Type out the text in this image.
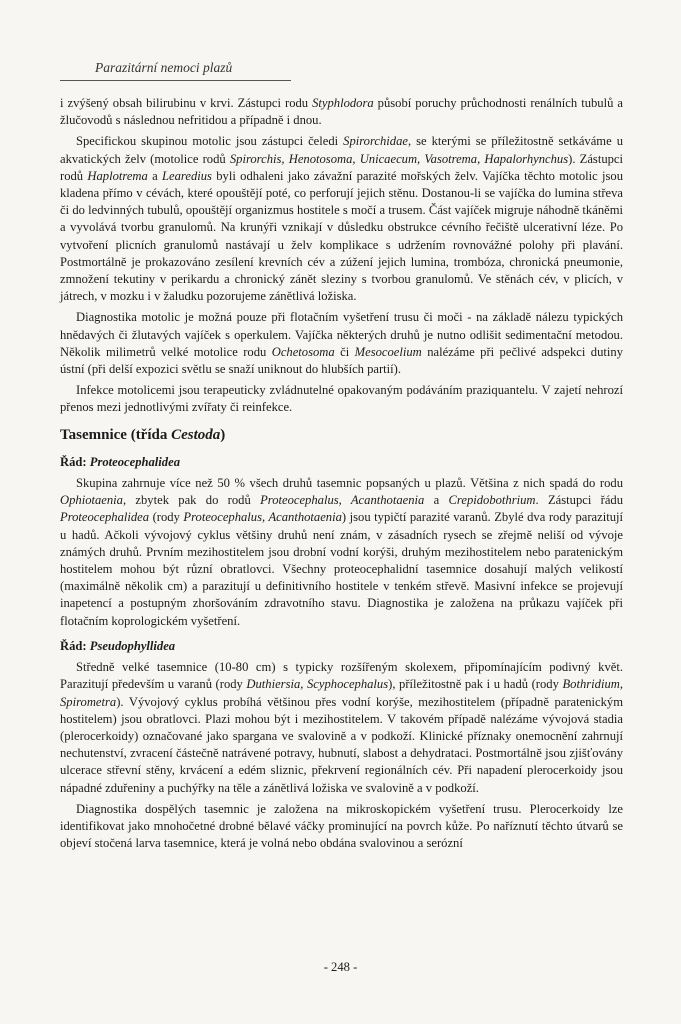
Parazitární nemoci plazů

i zvýšený obsah bilirubinu v krvi. Zástupci rodu Styphlodora působí poruchy průchodnosti renálních tubulů a žlučovodů s následnou nefritidou a případně i dnou.

Specifickou skupinou motolic jsou zástupci čeledi Spirorchidae, se kterými se příležitostně setkáváme u akvatických želv (motolice rodů Spirorchis, Henotosoma, Unicaecum, Vasotrema, Hapalorhynchus). Zástupci rodů Haplotrema a Learedius byli odhaleni jako závažní parazité mořských želv. Vajíčka těchto motolic jsou kladena přímo v cévách, které opouštějí poté, co perforují jejich stěnu. Dostanou-li se vajíčka do lumina střeva či do ledvinných tubulů, opouštějí organizmus hostitele s močí a trusem. Část vajíček migruje náhodně tkáněmi a vyvolává tvorbu granulomů. Na krunýři vznikají v důsledku obstrukce cévního řečiště ulcerativní léze. Po vytvoření plicních granulomů nastávají u želv komplikace s udržením rovnovážné polohy při plavání. Postmortálně je prokazováno zesílení krevních cév a zúžení jejich lumina, trombóza, chronická pneumonie, zmnožení tekutiny v perikardu a chronický zánět sleziny s tvorbou granulomů. Ve stěnách cév, v plicích, v játrech, v mozku i v žaludku pozorujeme zánětlivá ložiska.

Diagnostika motolic je možná pouze při flotačním vyšetření trusu či moči - na základě nálezu typických hnědavých či žlutavých vajíček s operkulem. Vajíčka některých druhů je nutno odlišit sedimentační metodou. Několik milimetrů velké motolice rodu Ochetosoma či Mesocoelium nalézáme při pečlivé adspekci dutiny ústní (při delší expozici světlu se snaží uniknout do hlubších partií).

Infekce motolicemi jsou terapeuticky zvládnutelné opakovaným podáváním praziquantelu. V zajetí nehrozí přenos mezi jednotlivými zvířaty či reinfekce.

Tasemnice (třída Cestoda)
Řád: Proteocephalidea

Skupina zahrnuje více než 50 % všech druhů tasemnic popsaných u plazů. Většina z nich spadá do rodu Ophiotaenia, zbytek pak do rodů Proteocephalus, Acanthotaenia a Crepidobothrium. Zástupci řádu Proteocephalidea (rody Proteocephalus, Acanthotaenia) jsou typičtí parazité varanů. Zbylé dva rody parazitují u hadů. Ačkoli vývojový cyklus většiny druhů není znám, v zásadních rysech se zřejmě neliší od vývoje známých druhů. Prvním mezihostitelem jsou drobní vodní korýši, druhým mezihostitelem nebo paratenickým hostitelem mohou být různí obratlovci. Všechny proteocephalidní tasemnice dosahují malých velikostí (maximálně několik cm) a parazitují u definitivního hostitele v tenkém střevě. Masivní infekce se projevují inapetencí a postupným zhoršováním zdravotního stavu. Diagnostika je založena na průkazu vajíček při flotačním koprologickém vyšetření.

Řád: Pseudophyllidea

Středně velké tasemnice (10-80 cm) s typicky rozšířeným skolexem, připomínajícím podivný květ. Parazitují především u varanů (rody Duthiersia, Scyphocephalus), příležitostně pak i u hadů (rody Bothridium, Spirometra). Vývojový cyklus probíhá většinou přes vodní korýše, mezihostitelem (případně paratenickým hostitelem) jsou obratlovci. Plazi mohou být i mezihostitelem. V takovém případě nalézáme vývojová stadia (plerocerkoidy) označované jako spargana ve svalovině a v podkoží. Klinické příznaky onemocnění zahrnují nechutenství, zvracení částečně natrávené potravy, hubnutí, slabost a dehydrataci. Postmortálně jsou zjišťovány ulcerace střevní stěny, krvácení a edém sliznic, překrvení regionálních cév. Při napadení plerocerkoidy jsou nápadné zduřeniny a puchýřky na těle a zánětlivá ložiska ve svalovině a v podkoží.

Diagnostika dospělých tasemnic je založena na mikroskopickém vyšetření trusu. Plerocerkoidy lze identifikovat jako mnohočetné drobné bělavé váčky prominující na povrch kůže. Po naříznutí těchto útvarů se objeví stočená larva tasemnice, která je volná nebo obdána svalovinou a serózní

- 248 -
